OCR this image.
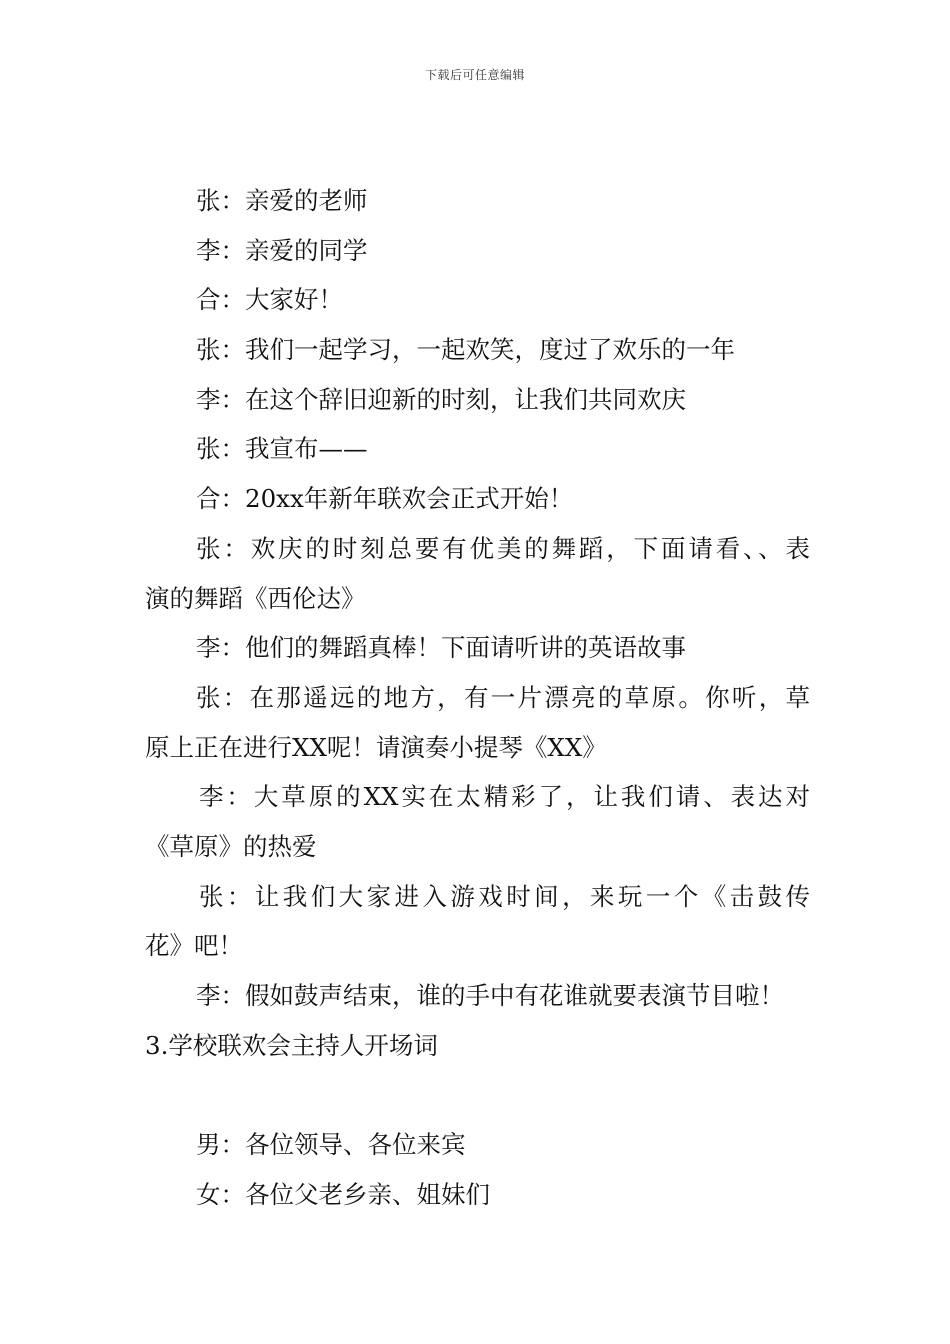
下载后可任意编辑
张：亲爱的老师
李：亲爱的同学
合：大家好！
张：我们一起学习，一起欢笑，度过了欢乐的一年
李：在这个辞旧迎新的时刻，让我们共同欢庆
张：我宣布——
合：20xx年新年联欢会正式开始！
张：欢庆的时刻总要有优美的舞蹈，下面请看、、表
演的舞蹈《西伦达》
李：他们的舞蹈真棒！下面请听讲的英语故事
张：在那遥远的地方，有一片漂亮的草原。你听，草
原上正在进行XX呢！请演奏小提琴《XX》
李：大草原的XX实在太精彩了，让我们请、表达对
《草原》的热爱
张：让我们大家进入游戏时间，来玩一个《击鼓传
花》吧！
李：假如鼓声结束，谁的手中有花谁就要表演节目啦！
3.学校联欢会主持人开场词
男：各位领导、各位来宾
女：各位父老乡亲、姐妹们
